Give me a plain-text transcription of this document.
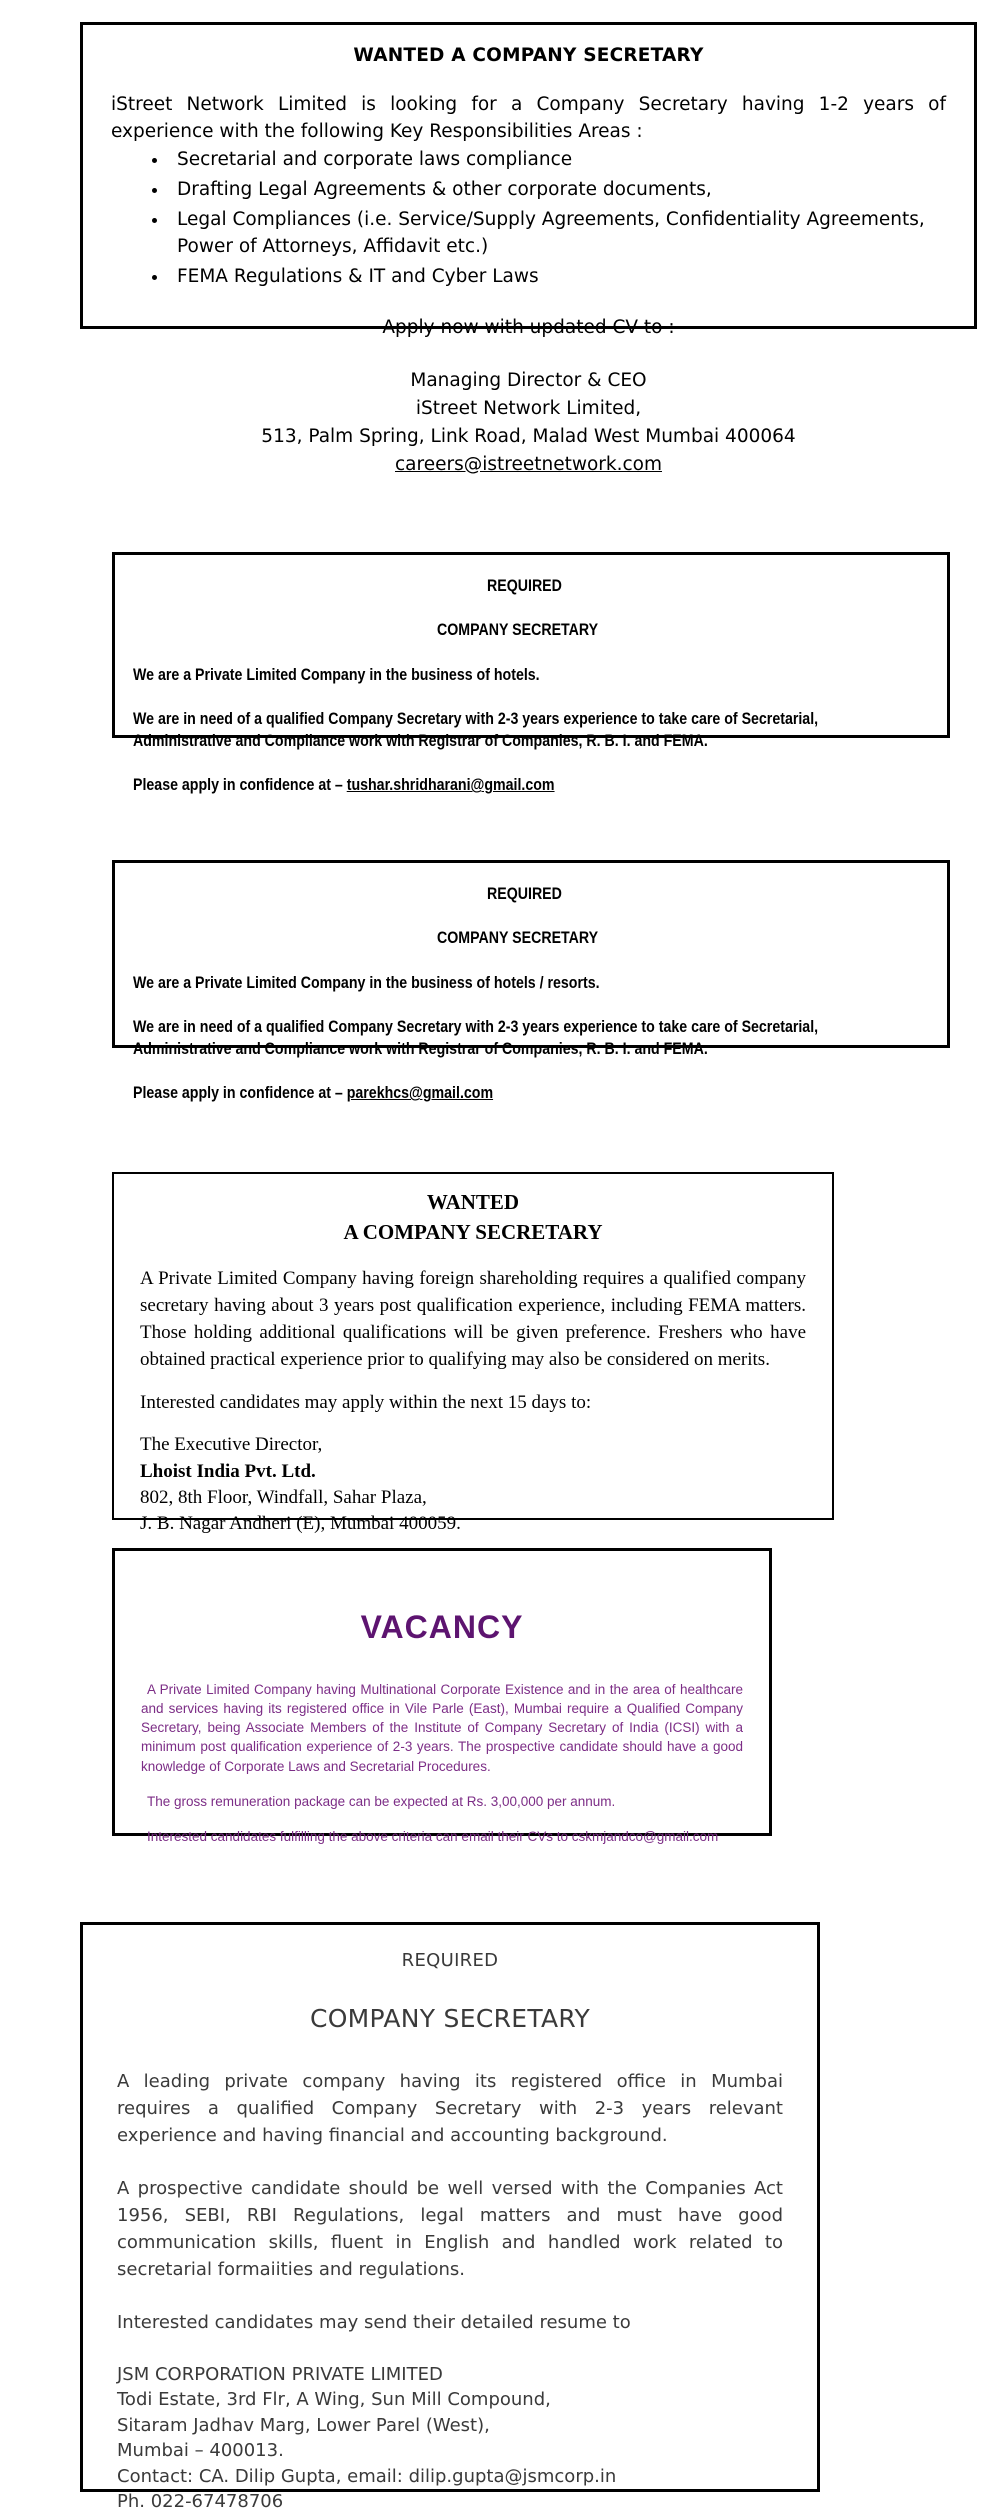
WANTED A COMPANY SECRETARY
iStreet Network Limited is looking for a Company Secretary having 1-2 years of experience with the following Key Responsibilities Areas :
• Secretarial and corporate laws compliance
• Drafting Legal Agreements & other corporate documents,
• Legal Compliances (i.e. Service/Supply Agreements, Confidentiality Agreements, Power of Attorneys, Affidavit etc.)
• FEMA Regulations & IT and Cyber Laws
Apply now with updated CV to :
Managing Director & CEO
iStreet Network Limited,
513, Palm Spring, Link Road, Malad West Mumbai 400064
careers@istreetnetwork.com
REQUIRED
COMPANY SECRETARY

We are a Private Limited Company in the business of hotels.

We are in need of a qualified Company Secretary with 2-3 years experience to take care of Secretarial,
Administrative and Compliance work with Registrar of Companies, R. B. I. and FEMA.

Please apply in confidence at – tushar.shridharani@gmail.com

REQUIRED
COMPANY SECRETARY

We are a Private Limited Company in the business of hotels / resorts.

We are in need of a qualified Company Secretary with 2-3 years experience to take care of Secretarial,
Administrative and Compliance work with Registrar of Companies, R. B. I. and FEMA.

Please apply in confidence at – parekhcs@gmail.com

WANTED
A COMPANY SECRETARY
A Private Limited Company having foreign shareholding requires a qualified company secretary having about 3 years post qualification experience, including FEMA matters. Those holding additional qualifications will be given preference. Freshers who have obtained practical experience prior to qualifying may also be considered on merits.
Interested candidates may apply within the next 15 days to:
The Executive Director,
Lhoist India Pvt. Ltd.
802, 8th Floor, Windfall, Sahar Plaza,
J. B. Nagar Andheri (E), Mumbai 400059.
VACANCY
A Private Limited Company having Multinational Corporate Existence and in the area of healthcare and services having its registered office in Vile Parle (East), Mumbai require a Qualified Company Secretary, being Associate Members of the Institute of Company Secretary of India (ICSI) with a minimum post qualification experience of 2-3 years. The prospective candidate should have a good knowledge of Corporate Laws and Secretarial Procedures.
The gross remuneration package can be expected at Rs. 3,00,000 per annum.
Interested candidates fulfilling the above criteria can email their CVs to cskmjandco@gmail.com
REQUIRED
COMPANY SECRETARY

A leading private company having its registered office in Mumbai requires a qualified Company Secretary with 2-3 years relevant experience and having financial and accounting background.

A prospective candidate should be well versed with the Companies Act 1956, SEBI, RBI Regulations, legal matters and must have good communication skills, fluent in English and handled work related to secretarial formaiities and regulations.

Interested candidates may send their detailed resume to

JSM CORPORATION PRIVATE LIMITED
Todi Estate, 3rd Flr, A Wing, Sun Mill Compound,
Sitaram Jadhav Marg, Lower Parel (West),
Mumbai – 400013.
Contact: CA. Dilip Gupta, email: dilip.gupta@jsmcorp.in
Ph. 022-67478706
